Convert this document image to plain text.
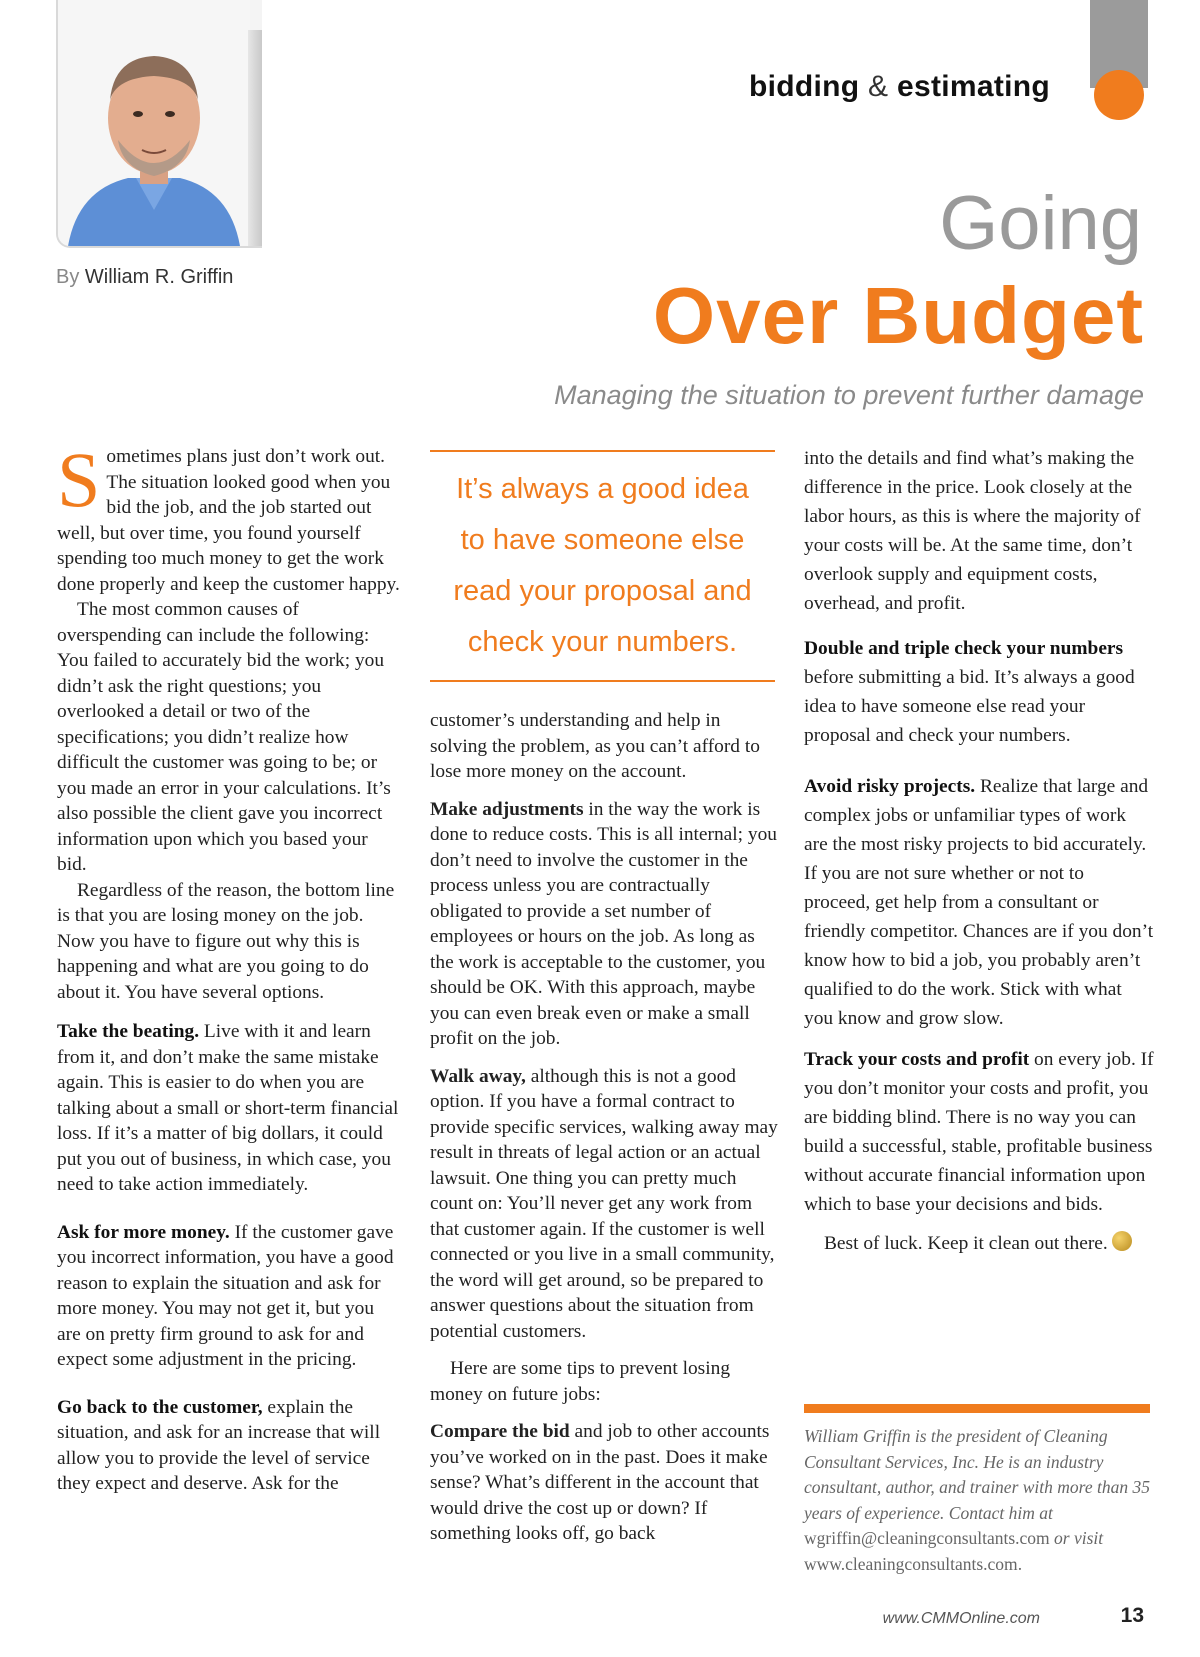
By William R. Griffin
bidding & estimating
Going
Over Budget
Managing the situation to prevent further damage

Sometimes plans just don’t work out. The situation looked good when you bid the job, and the job started out well, but over time, you found yourself spending too much money to get the work done properly and keep the customer happy.

The most common causes of overspending can include the following: You failed to accurately bid the work; you didn’t ask the right questions; you overlooked a detail or two of the specifications; you didn’t realize how difficult the customer was going to be; or you made an error in your calculations. It’s also possible the client gave you incorrect information upon which you based your bid.

Regardless of the reason, the bottom line is that you are losing money on the job. Now you have to figure out why this is happening and what are you going to do about it. You have several options.

Take the beating. Live with it and learn from it, and don’t make the same mistake again. This is easier to do when you are talking about a small or short-term financial loss. If it’s a matter of big dollars, it could put you out of business, in which case, you need to take action immediately.

Ask for more money. If the customer gave you incorrect information, you have a good reason to explain the situation and ask for more money. You may not get it, but you are on pretty firm ground to ask for and expect some adjustment in the pricing.

Go back to the customer, explain the situation, and ask for an increase that will allow you to provide the level of service they expect and deserve. Ask for the

It’s always a good idea
to have someone else
read your proposal and
check your numbers.

customer’s understanding and help in solving the problem, as you can’t afford to lose more money on the account.

Make adjustments in the way the work is done to reduce costs. This is all internal; you don’t need to involve the customer in the process unless you are contractually obligated to provide a set number of employees or hours on the job. As long as the work is acceptable to the customer, you should be OK. With this approach, maybe you can even break even or make a small profit on the job.

Walk away, although this is not a good option. If you have a formal contract to provide specific services, walking away may result in threats of legal action or an actual lawsuit. One thing you can pretty much count on: You’ll never get any work from that customer again. If the customer is well connected or you live in a small community, the word will get around, so be prepared to answer questions about the situation from potential customers.

Here are some tips to prevent losing money on future jobs:

Compare the bid and job to other accounts you’ve worked on in the past. Does it make sense? What’s different in the account that would drive the cost up or down? If something looks off, go back

into the details and find what’s making the difference in the price. Look closely at the labor hours, as this is where the majority of your costs will be. At the same time, don’t overlook supply and equipment costs, overhead, and profit.

Double and triple check your numbers before submitting a bid. It’s always a good idea to have someone else read your proposal and check your numbers.

Avoid risky projects. Realize that large and complex jobs or unfamiliar types of work are the most risky projects to bid accurately. If you are not sure whether or not to proceed, get help from a consultant or friendly competitor. Chances are if you don’t know how to bid a job, you probably aren’t qualified to do the work. Stick with what you know and grow slow.

Track your costs and profit on every job. If you don’t monitor your costs and profit, you are bidding blind. There is no way you can build a successful, stable, profitable business without accurate financial information upon which to base your decisions and bids.

Best of luck. Keep it clean out there.CM

William Griffin is the president of Cleaning Consultant Services, Inc. He is an industry consultant, author, and trainer with more than 35 years of experience. Contact him at wgriffin@cleaningconsultants.com or visit www.cleaningconsultants.com.
www.CMMOnline.com	13
